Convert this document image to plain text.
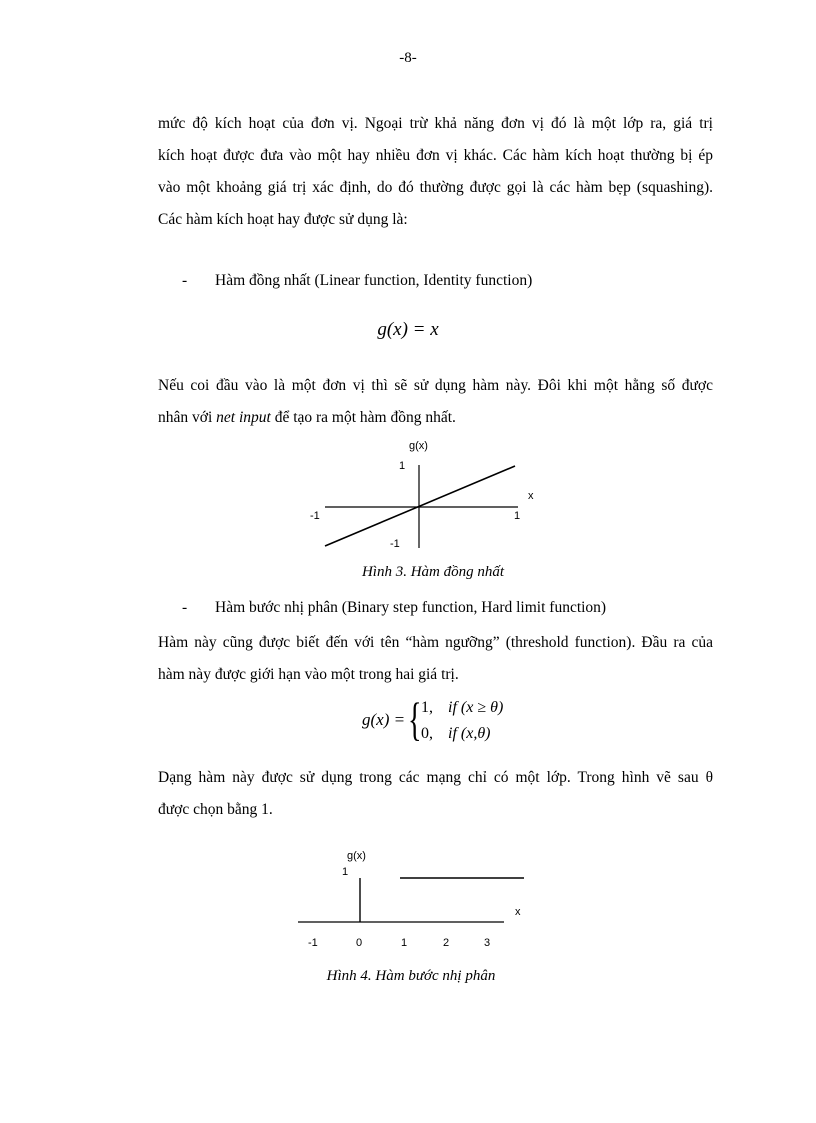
-8-
mức độ kích hoạt của đơn vị. Ngoại trừ khả năng đơn vị đó là một lớp ra, giá trị
kích hoạt được đưa vào một hay nhiều đơn vị khác. Các hàm kích hoạt thường bị ép
vào một khoảng giá trị xác định, do đó thường được gọi là các hàm bẹp (squashing).
Các hàm kích hoạt hay được sử dụng là:
- Hàm đồng nhất (Linear function, Identity function)
g(x) = x
Nếu coi đầu vào là một đơn vị thì sẽ sử dụng hàm này. Đôi khi một hằng số được
nhân với net input để tạo ra một hàm đồng nhất.
g(x)
1
x
-1	1
-1
Hình 3. Hàm đồng nhất
- Hàm bước nhị phân (Binary step function, Hard limit function)
Hàm này cũng được biết đến với tên “hàm ngưỡng” (threshold function). Đầu ra của
hàm này được giới hạn vào một trong hai giá trị.
g(x) = { 1, if (x ≥ θ)
0, if (x,θ)
Dạng hàm này được sử dụng trong các mạng chỉ có một lớp. Trong hình vẽ sau θ
được chọn bằng 1.
g(x)
1
x
-1	0	1	2	3
Hình 4. Hàm bước nhị phân
